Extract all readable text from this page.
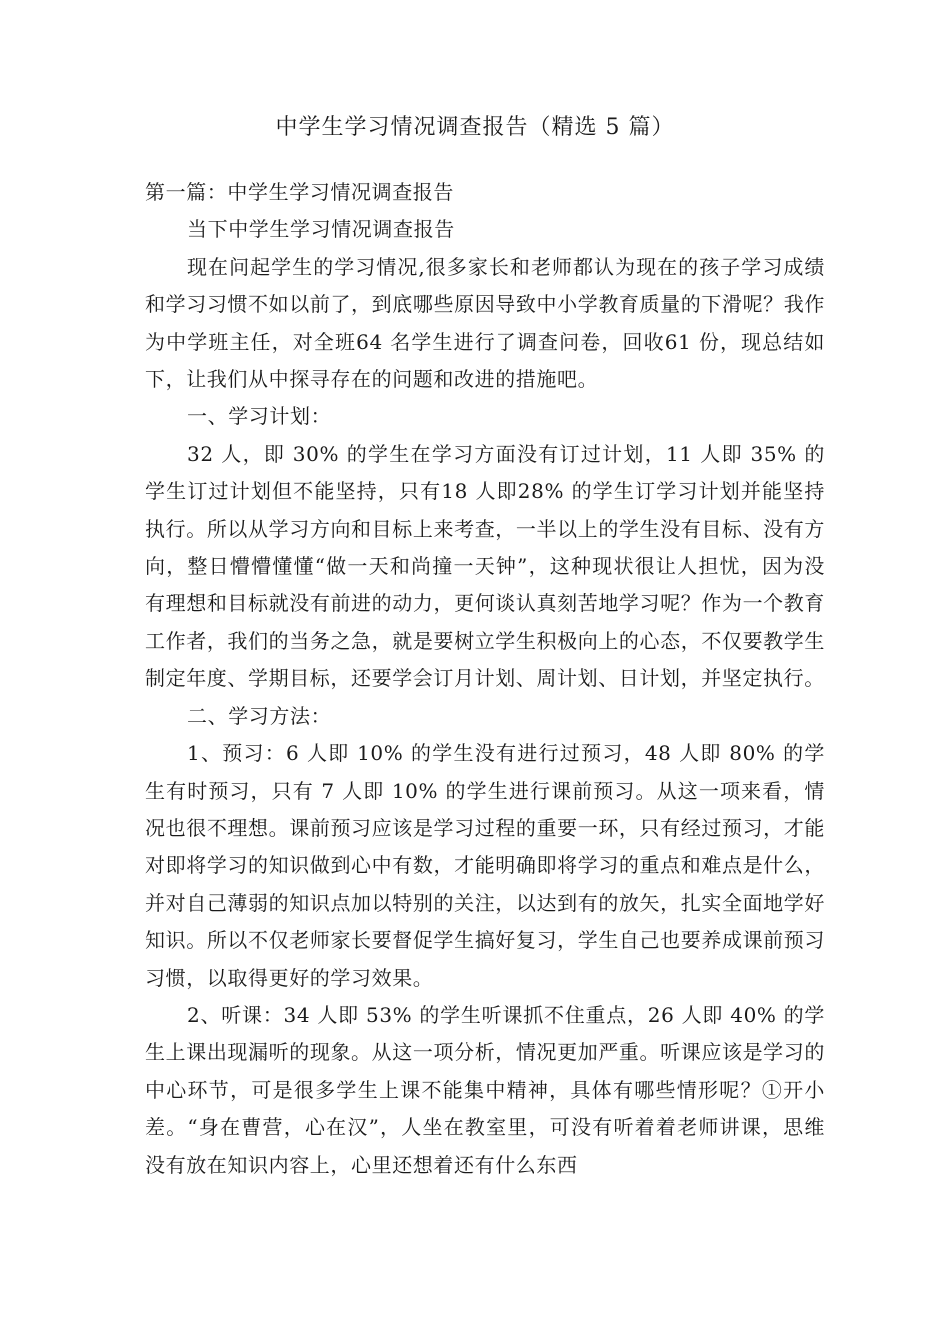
中学生学习情况调查报告（精选 5 篇）

第一篇：中学生学习情况调查报告

当下中学生学习情况调查报告

现在问起学生的学习情况,很多家长和老师都认为现在的孩子学习成绩和学习习惯不如以前了，到底哪些原因导致中小学教育质量的下滑呢？我作为中学班主任，对全班64 名学生进行了调查问卷，回收61 份，现总结如下，让我们从中探寻存在的问题和改进的措施吧。

一、学习计划：

32 人，即 30% 的学生在学习方面没有订过计划，11 人即 35% 的学生订过计划但不能坚持，只有18 人即28% 的学生订学习计划并能坚持执行。所以从学习方向和目标上来考查，一半以上的学生没有目标、没有方向，整日懵懵懂懂“做一天和尚撞一天钟”，这种现状很让人担忧，因为没有理想和目标就没有前进的动力，更何谈认真刻苦地学习呢？作为一个教育工作者，我们的当务之急，就是要树立学生积极向上的心态，不仅要教学生制定年度、学期目标，还要学会订月计划、周计划、日计划，并坚定执行。

二、学习方法：

1、预习：6 人即 10% 的学生没有进行过预习，48 人即 80% 的学生有时预习，只有 7 人即 10% 的学生进行课前预习。从这一项来看，情况也很不理想。课前预习应该是学习过程的重要一环，只有经过预习，才能对即将学习的知识做到心中有数，才能明确即将学习的重点和难点是什么，并对自己薄弱的知识点加以特别的关注，以达到有的放矢，扎实全面地学好知识。所以不仅老师家长要督促学生搞好复习，学生自己也要养成课前预习习惯，以取得更好的学习效果。

2、听课：34 人即 53% 的学生听课抓不住重点，26 人即 40% 的学生上课出现漏听的现象。从这一项分析，情况更加严重。听课应该是学习的中心环节，可是很多学生上课不能集中精神，具体有哪些情形呢？①开小差。“身在曹营，心在汉”，人坐在教室里，可没有听着着老师讲课，思维没有放在知识内容上，心里还想着还有什么东西
